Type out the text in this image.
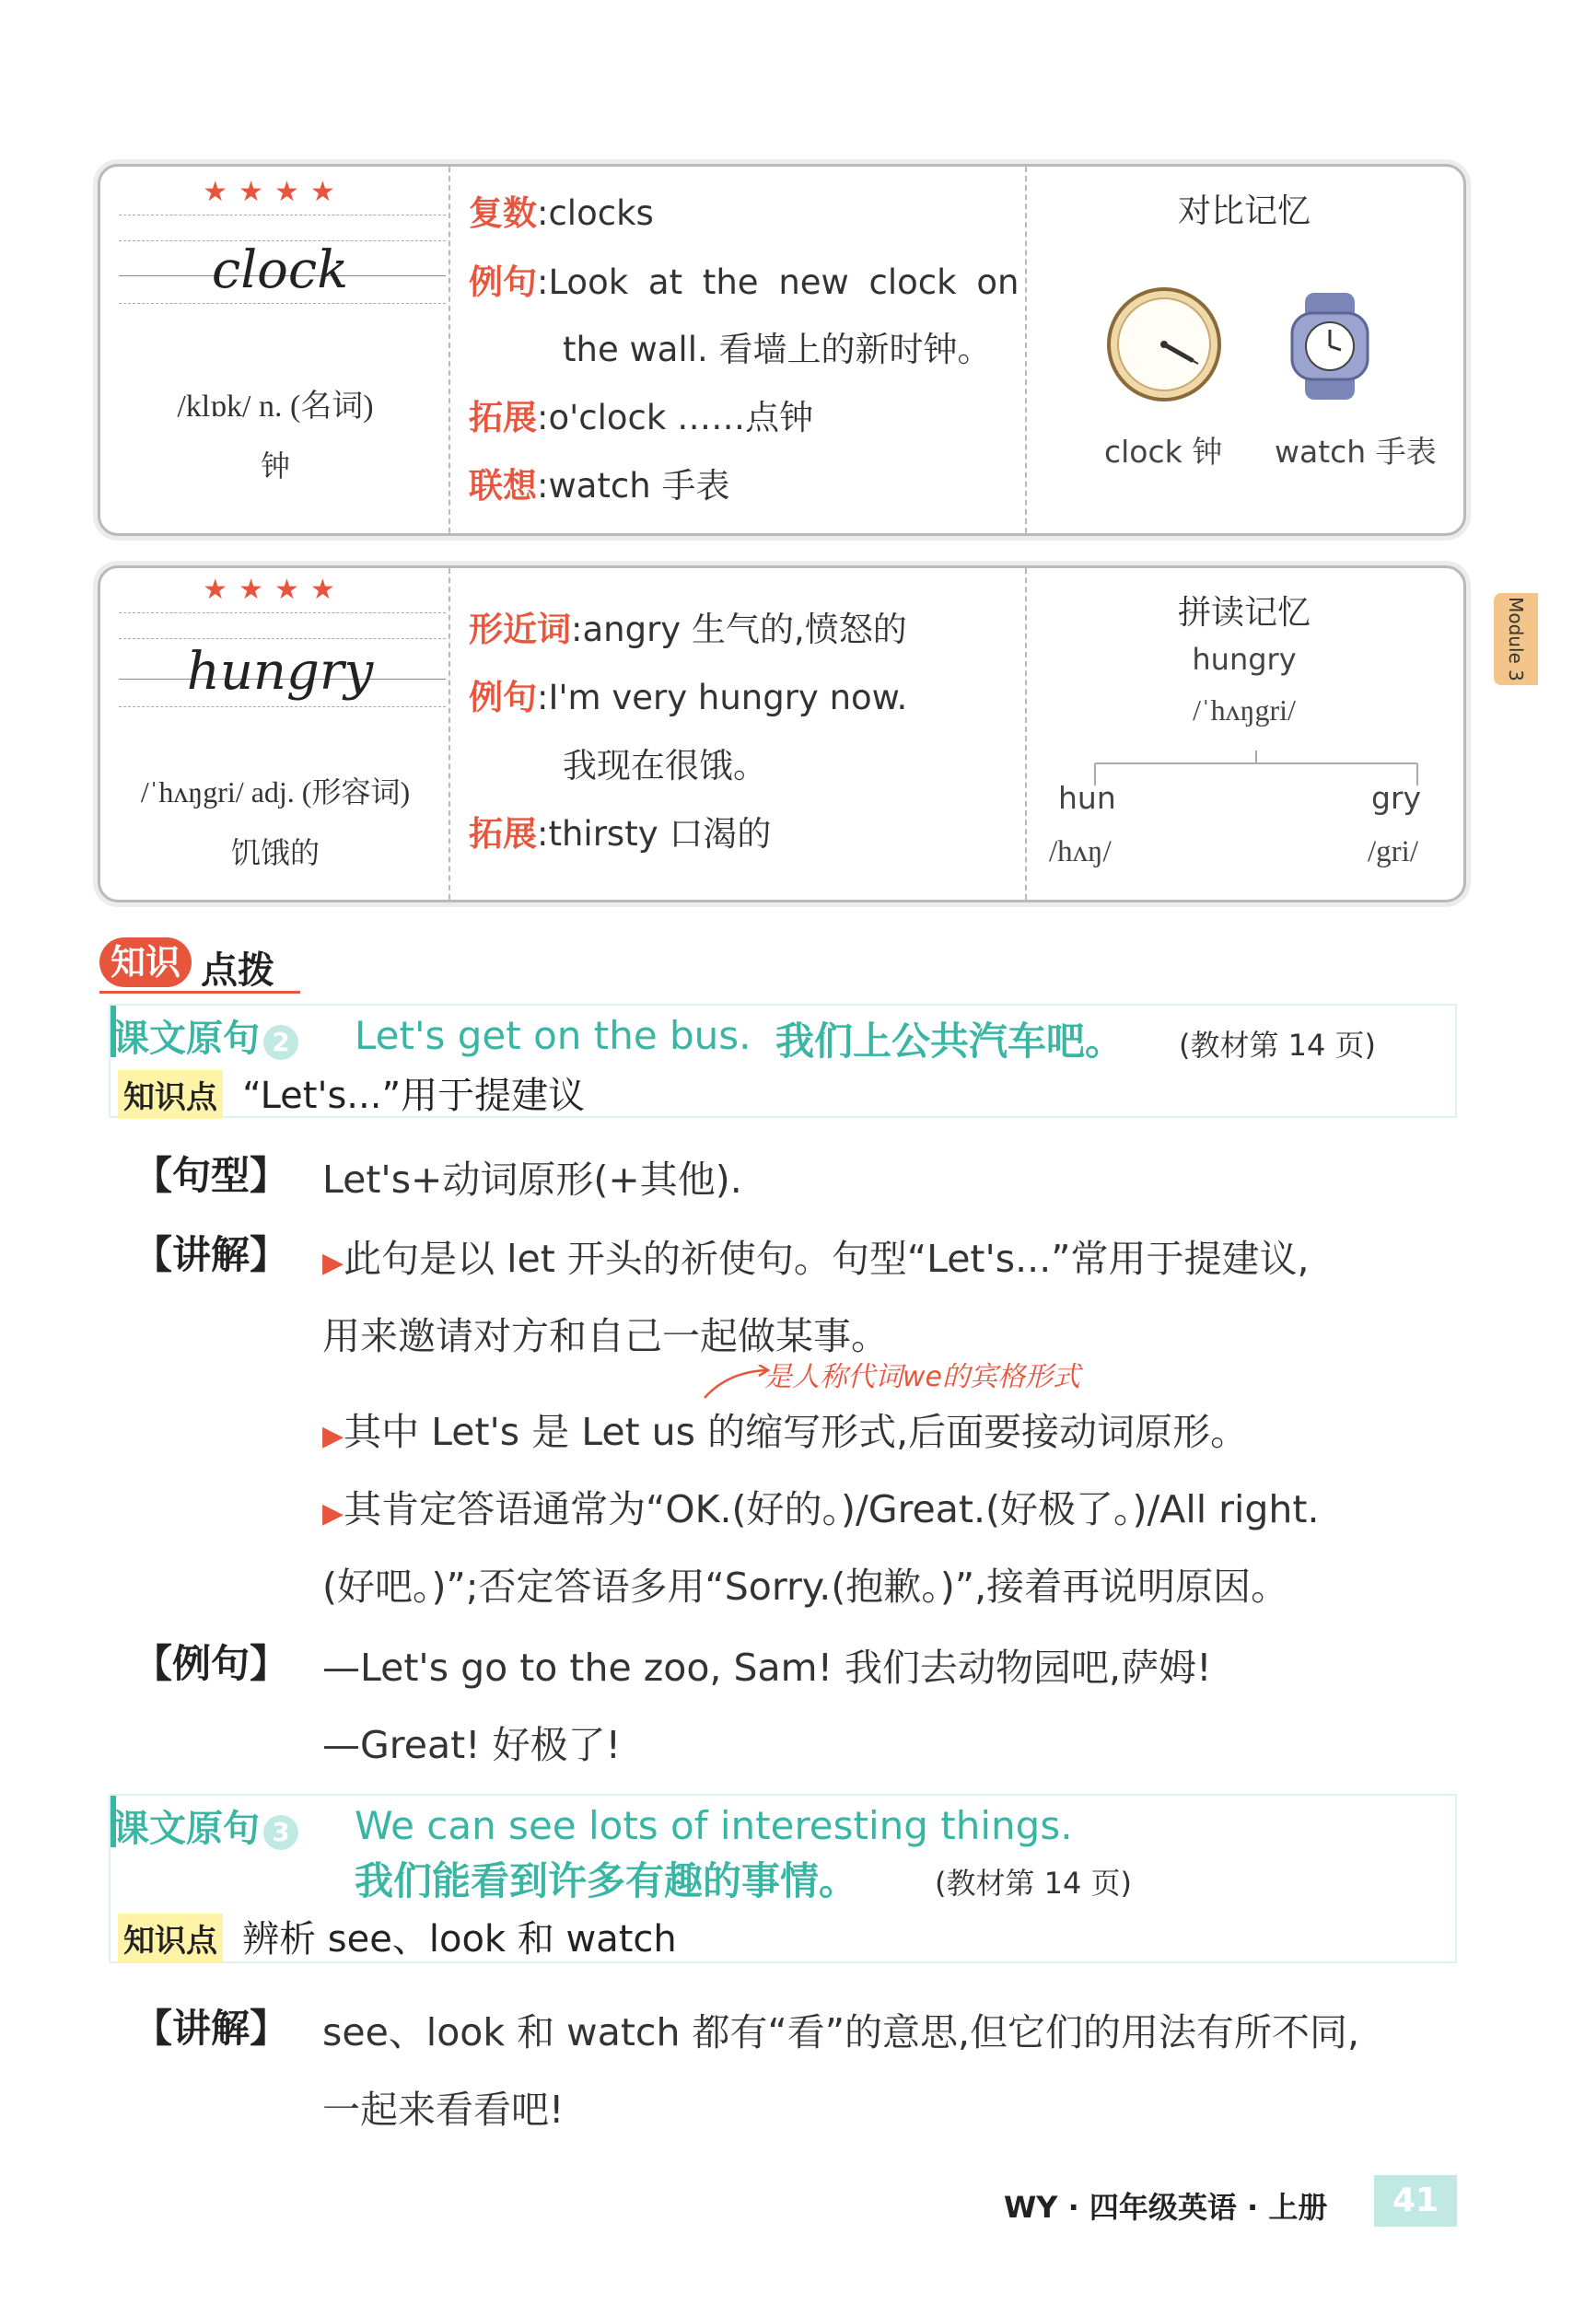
★★★★
clock
/klɒk/ n. (名词)
钟
复数:clocks
例句:Look at the new clock on
the wall. 看墙上的新时钟。
拓展:o'clock ……点钟
联想:watch 手表
对比记忆
clock 钟 watch 手表
★★★★
hungry
/ˈhʌŋgri/ adj. (形容词)
饥饿的
形近词:angry 生气的,愤怒的
例句:I'm very hungry now.
我现在很饿。
拓展:thirsty 口渴的
拼读记忆
hungry
/ˈhʌŋgri/
hun
/hʌŋ/
gry
/gri/
Module 3
知识 点拨
课文原句 2 Let's get on the bus. 我们上公共汽车吧。 (教材第 14 页)
知识点 “Let's...”用于提建议
【句型】 Let's+动词原形(+其他).
【讲解】 ▶此句是以 let 开头的祈使句。句型“Let's...”常用于提建议,
用来邀请对方和自己一起做某事。
是人称代词we的宾格形式
▶其中 Let's 是 Let us 的缩写形式,后面要接动词原形。
▶其肯定答语通常为“OK.(好的。)/Great.(好极了。)/All right.
(好吧。)”;否定答语多用“Sorry.(抱歉。)”,接着再说明原因。
【例句】 —Let's go to the zoo, Sam! 我们去动物园吧,萨姆!
—Great! 好极了!
课文原句 3 We can see lots of interesting things.
我们能看到许多有趣的事情。	(教材第 14 页)
知识点 辨析 see、look 和 watch
【讲解】 see、look 和 watch 都有“看”的意思,但它们的用法有所不同,
一起来看看吧!
WY · 四年级英语 · 上册	41
